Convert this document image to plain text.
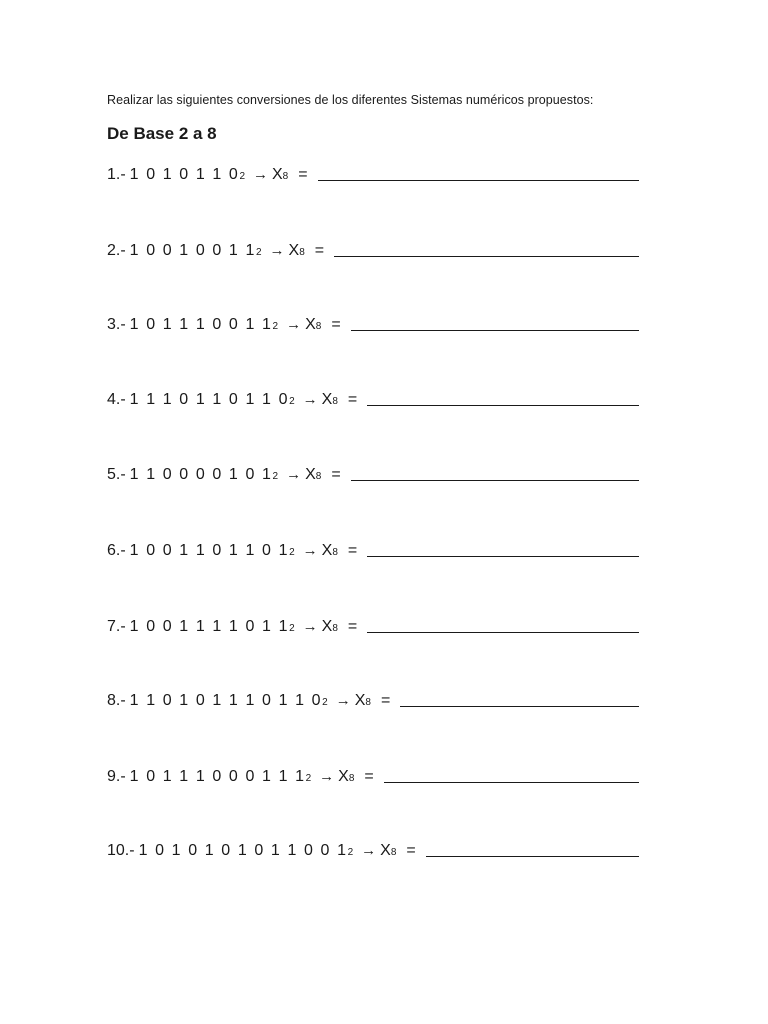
Realizar las siguientes conversiones de los diferentes Sistemas numéricos propuestos:
De Base 2 a 8
1.- 1 0 1 0 1 1 0 2 → X 8 =
2.- 1 0 0 1 0 0 1 1 2 → X 8 =
3.- 1 0 1 1 1 0 0 1 1 2 → X 8 =
4.- 1 1 1 0 1 1 0 1 1 0 2 → X 8 =
5.- 1 1 0 0 0 0 1 0 1 2 → X 8 =
6.- 1 0 0 1 1 0 1 1 0 1 2 → X 8 =
7.- 1 0 0 1 1 1 1 0 1 1 2 → X 8 =
8.- 1 1 0 1 0 1 1 1 0 1 1 0 2 → X 8 =
9.- 1 0 1 1 1 0 0 0 1 1 1 2 → X 8 =
10.- 1 0 1 0 1 0 1 0 1 1 0 0 1 2 → X 8 =
